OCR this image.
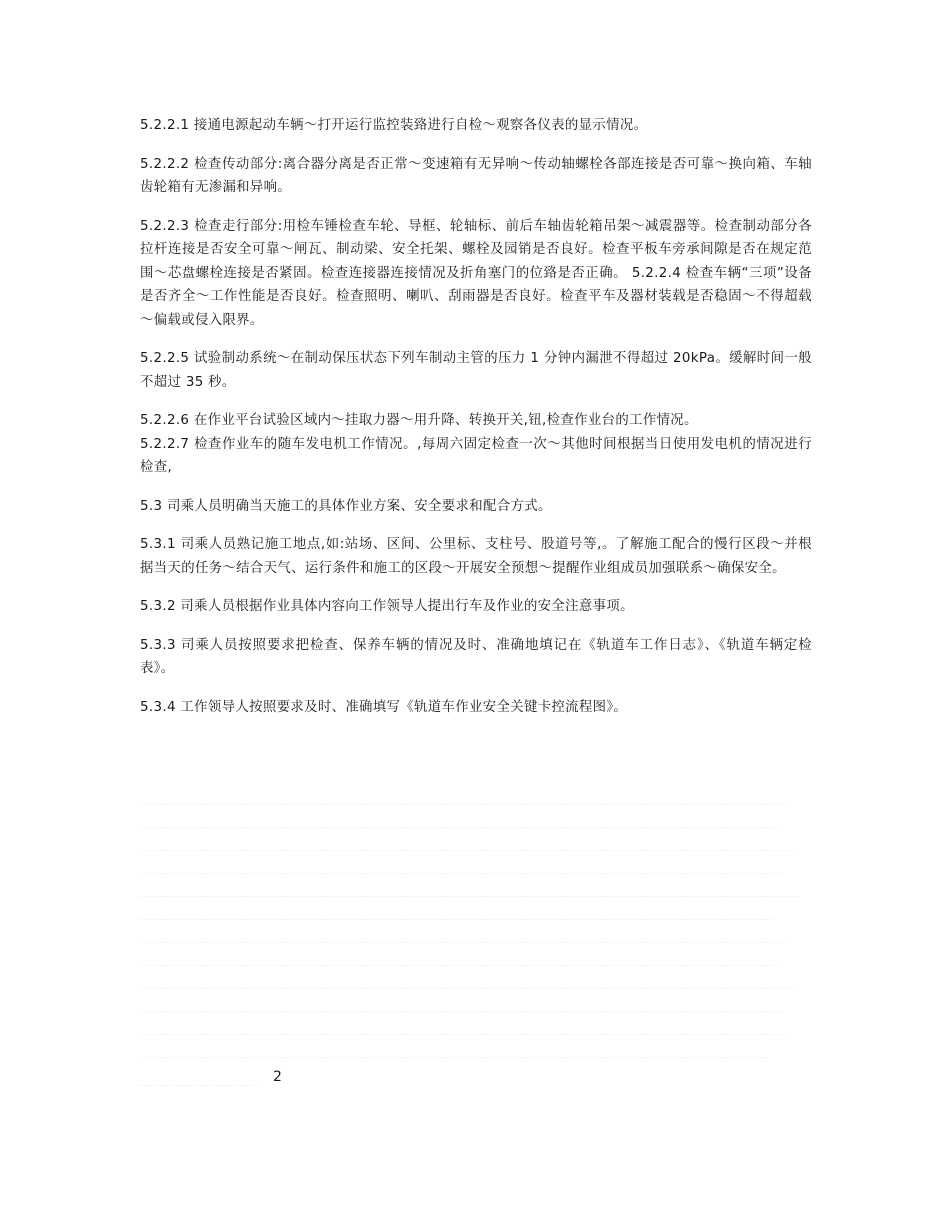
5.2.2.1 接通电源起动车辆～打开运行监控装臵进行自检～观察各仪表的显示情况。

5.2.2.2 检查传动部分:离合器分离是否正常～变速箱有无异响～传动轴螺栓各部连接是否可靠～换向箱、车轴齿轮箱有无渗漏和异响。

5.2.2.3 检查走行部分:用检车锤检查车轮、导框、轮轴标、前后车轴齿轮箱吊架～减震器等。检查制动部分各拉杆连接是否安全可靠～闸瓦、制动梁、安全托架、螺栓及园销是否良好。检查平板车旁承间隙是否在规定范围～芯盘螺栓连接是否紧固。检查连接器连接情况及折角塞门的位臵是否正确。 5.2.2.4 检查车辆“三项”设备是否齐全～工作性能是否良好。检查照明、喇叭、刮雨器是否良好。检查平车及器材装载是否稳固～不得超载～偏载或侵入限界。

5.2.2.5 试验制动系统～在制动保压状态下列车制动主管的压力 1 分钟内漏泄不得超过 20kPa。缓解时间一般不超过 35 秒。

5.2.2.6 在作业平台试验区域内～挂取力器～用升降、转换开关,钮,检查作业台的工作情况。

5.2.2.7 检查作业车的随车发电机工作情况。,每周六固定检查一次～其他时间根据当日使用发电机的情况进行检查,

5.3 司乘人员明确当天施工的具体作业方案、安全要求和配合方式。

5.3.1 司乘人员熟记施工地点,如:站场、区间、公里标、支柱号、股道号等,。了解施工配合的慢行区段～并根据当天的任务～结合天气、运行条件和施工的区段～开展安全预想～提醒作业组成员加强联系～确保安全。

5.3.2 司乘人员根据作业具体内容向工作领导人提出行车及作业的安全注意事项。

5.3.3 司乘人员按照要求把检查、保养车辆的情况及时、准确地填记在《轨道车工作日志》、《轨道车辆定检表》。

5.3.4 工作领导人按照要求及时、准确填写《轨道车作业安全关键卡控流程图》。

2
